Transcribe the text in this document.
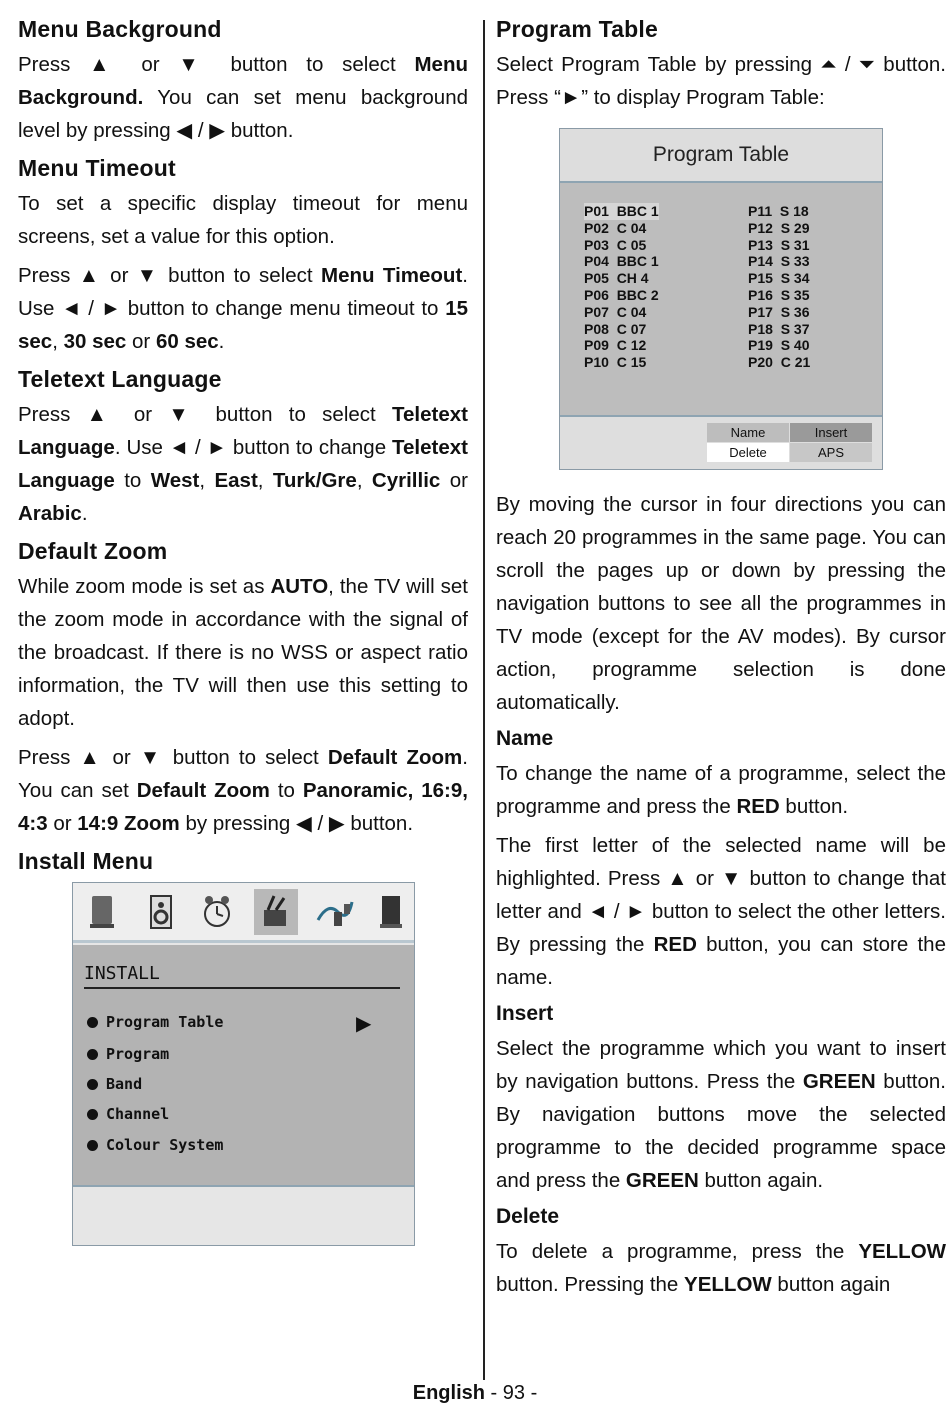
Menu Background

Press ▲ or ▼ button to select Menu Background. You can set menu background level by pressing ◀ / ▶ button.

Menu Timeout

To set a specific display timeout for menu screens, set a value for this option.

Press ▲ or ▼ button to select Menu Timeout. Use ◄ / ► button to change menu timeout to 15 sec, 30 sec or 60 sec.

Teletext Language

Press ▲ or ▼ button to select Teletext Language. Use ◄ / ► button to change Teletext Language to West, East, Turk/Gre, Cyrillic or Arabic.

Default Zoom

While zoom mode is set as AUTO, the TV will set the zoom mode in accordance with the signal of the broadcast. If there is no WSS or aspect ratio information, the TV will then use this setting to adopt.

Press ▲ or ▼ button to select Default Zoom. You can set Default Zoom to Panoramic, 16:9, 4:3 or 14:9 Zoom by pressing ◀ / ▶ button.

Install Menu
INSTALL
Program Table	▶
Program
Band
Channel
Colour System
Program Table

Select Program Table by pressing ⏶ / ⏷ button. Press “►” to display Program Table:

Program Table
P01  BBC 1
P02  C 04
P03  C 05
P04  BBC 1
P05  CH 4
P06  BBC 2
P07  C 04
P08  C 07
P09  C 12
P10  C 15
P11  S 18
P12  S 29
P13  S 31
P14  S 33
P15  S 34
P16  S 35
P17  S 36
P18  S 37
P19  S 40
P20  C 21
Name	Insert
Delete	APS

By moving the cursor in four directions you can reach 20 programmes in the same page. You can scroll the pages up or down by pressing the navigation buttons to see all the programmes in TV mode (except for the AV modes). By cursor action, programme selection is done automatically.

Name

To change the name of a programme, select the programme and press the RED button.

The first letter of the selected name will be highlighted. Press ▲ or ▼ button to change that letter and ◄ / ► button to select the other letters. By pressing the RED button, you can store the name.

Insert

Select the programme which you want to insert by navigation buttons. Press the GREEN button. By navigation buttons move the selected programme to the decided programme space and press the GREEN button again.

Delete

To delete a programme, press the YELLOW button. Pressing the YELLOW button again

English - 93 -
